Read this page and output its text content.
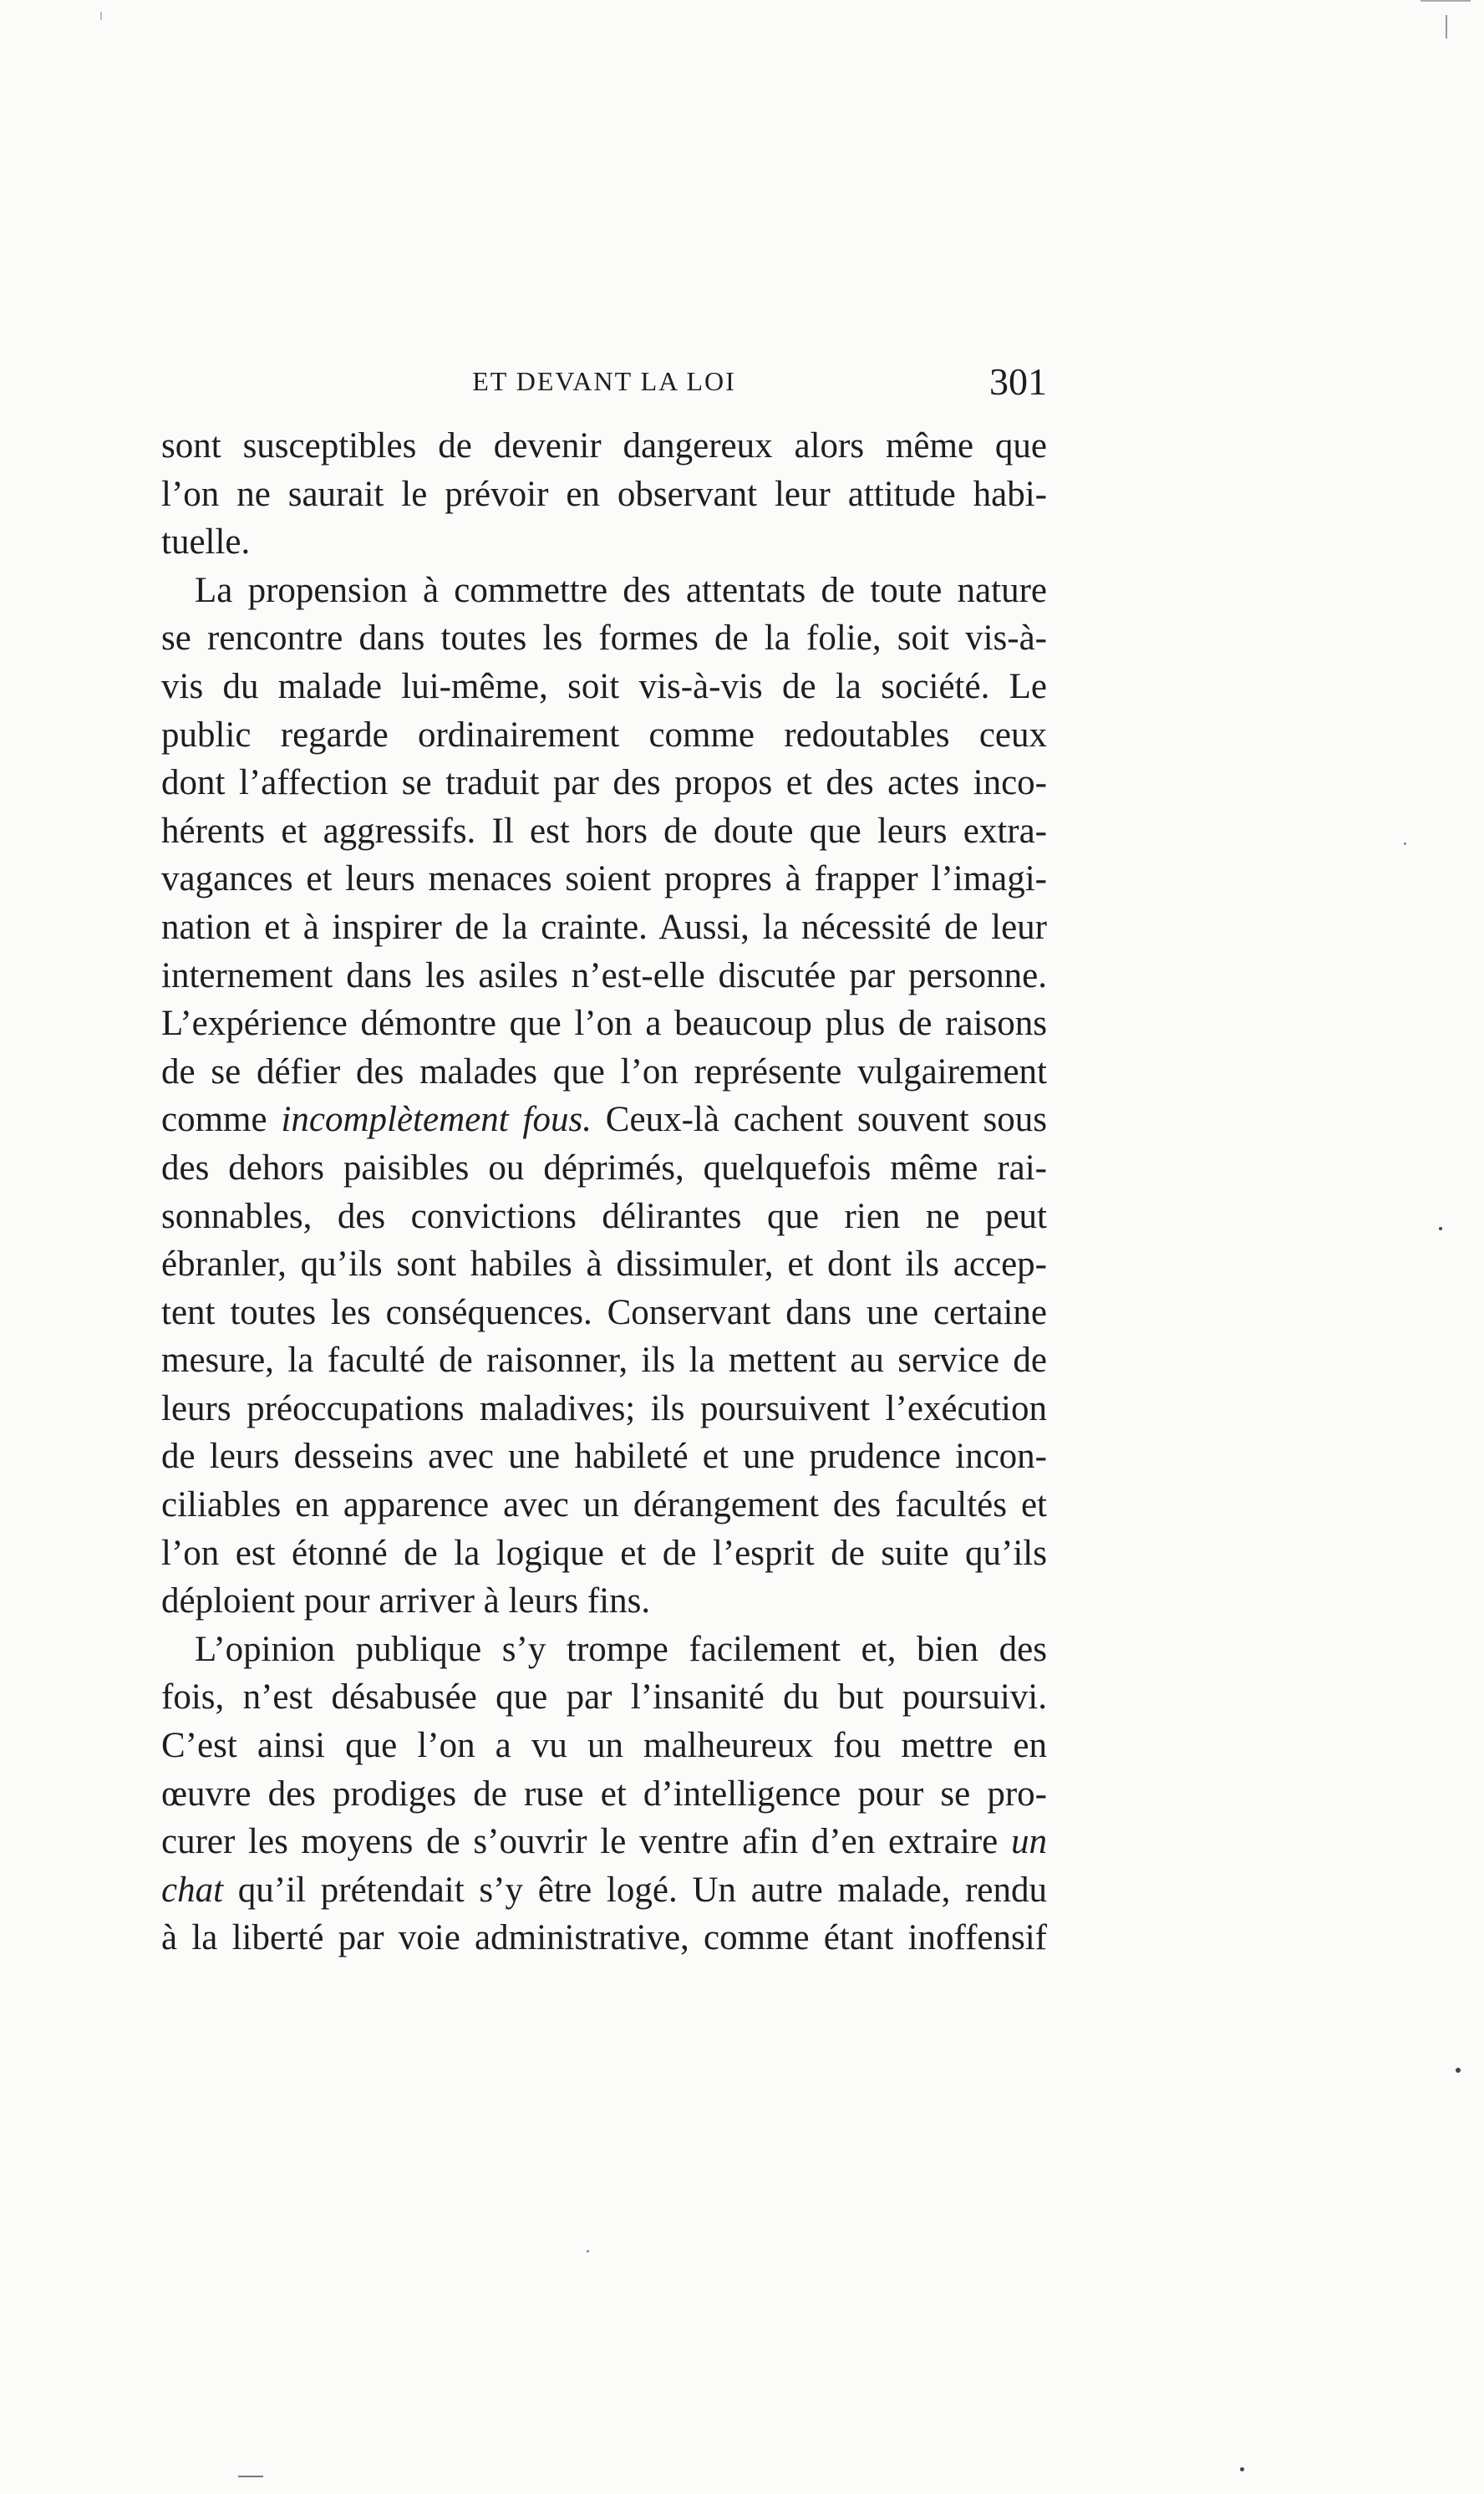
ET DEVANT LA LOI	301
sont susceptibles de devenir dangereux alors même que
l’on ne saurait le prévoir en observant leur attitude habi-
tuelle.
La propension à commettre des attentats de toute nature
se rencontre dans toutes les formes de la folie, soit vis-à-
vis du malade lui-même, soit vis-à-vis de la société. Le
public regarde ordinairement comme redoutables ceux
dont l’affection se traduit par des propos et des actes inco-
hérents et aggressifs. Il est hors de doute que leurs extra-
vagances et leurs menaces soient propres à frapper l’imagi-
nation et à inspirer de la crainte. Aussi, la nécessité de leur
internement dans les asiles n’est-elle discutée par personne.
L’expérience démontre que l’on a beaucoup plus de raisons
de se défier des malades que l’on représente vulgairement
comme incomplètement fous. Ceux-là cachent souvent sous
des dehors paisibles ou déprimés, quelquefois même rai-
sonnables, des convictions délirantes que rien ne peut
ébranler, qu’ils sont habiles à dissimuler, et dont ils accep-
tent toutes les conséquences. Conservant dans une certaine
mesure, la faculté de raisonner, ils la mettent au service de
leurs préoccupations maladives; ils poursuivent l’exécution
de leurs desseins avec une habileté et une prudence incon-
ciliables en apparence avec un dérangement des facultés et
l’on est étonné de la logique et de l’esprit de suite qu’ils
déploient pour arriver à leurs fins.
L’opinion publique s’y trompe facilement et, bien des
fois, n’est désabusée que par l’insanité du but poursuivi.
C’est ainsi que l’on a vu un malheureux fou mettre en
œuvre des prodiges de ruse et d’intelligence pour se pro-
curer les moyens de s’ouvrir le ventre afin d’en extraire un
chat qu’il prétendait s’y être logé. Un autre malade, rendu
à la liberté par voie administrative, comme étant inoffensif
